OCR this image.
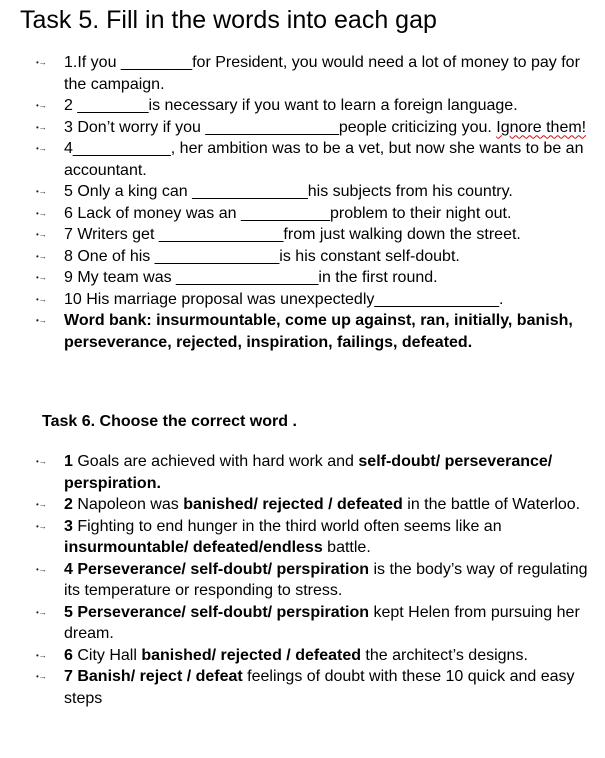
Task 5. Fill in the words into each gap
•→ 1.If you ________for President, you would need a lot of money to pay for the campaign.
•→ 2 ________is necessary if you want to learn a foreign language.
•→ 3 Don’t worry if you _______________people criticizing you. Ignore them!
•→ 4___________, her ambition was to be a vet, but now she wants to be an accountant.
•→ 5 Only a king can _____________his subjects from his country.
•→ 6 Lack of money was an __________problem to their night out.
•→ 7 Writers get ______________from just walking down the street.
•→ 8 One of his ______________is his constant self-doubt.
•→ 9 My team was ________________in the first round.
•→ 10 His marriage proposal was unexpectedly______________.
•→ Word bank: insurmountable, come up against, ran, initially, banish, perseverance, rejected, inspiration, failings, defeated.
Task 6. Choose the correct word .
•→ 1 Goals are achieved with hard work and self-doubt/ perseverance/ perspiration.
•→ 2 Napoleon was banished/ rejected / defeated in the battle of Waterloo.
•→ 3 Fighting to end hunger in the third world often seems like an insurmountable/ defeated/endless battle.
•→ 4 Perseverance/ self-doubt/ perspiration is the body’s way of regulating its temperature or responding to stress.
•→ 5 Perseverance/ self-doubt/ perspiration kept Helen from pursuing her dream.
•→ 6 City Hall banished/ rejected / defeated the architect’s designs.
•→ 7 Banish/ reject / defeat feelings of doubt with these 10 quick and easy steps
